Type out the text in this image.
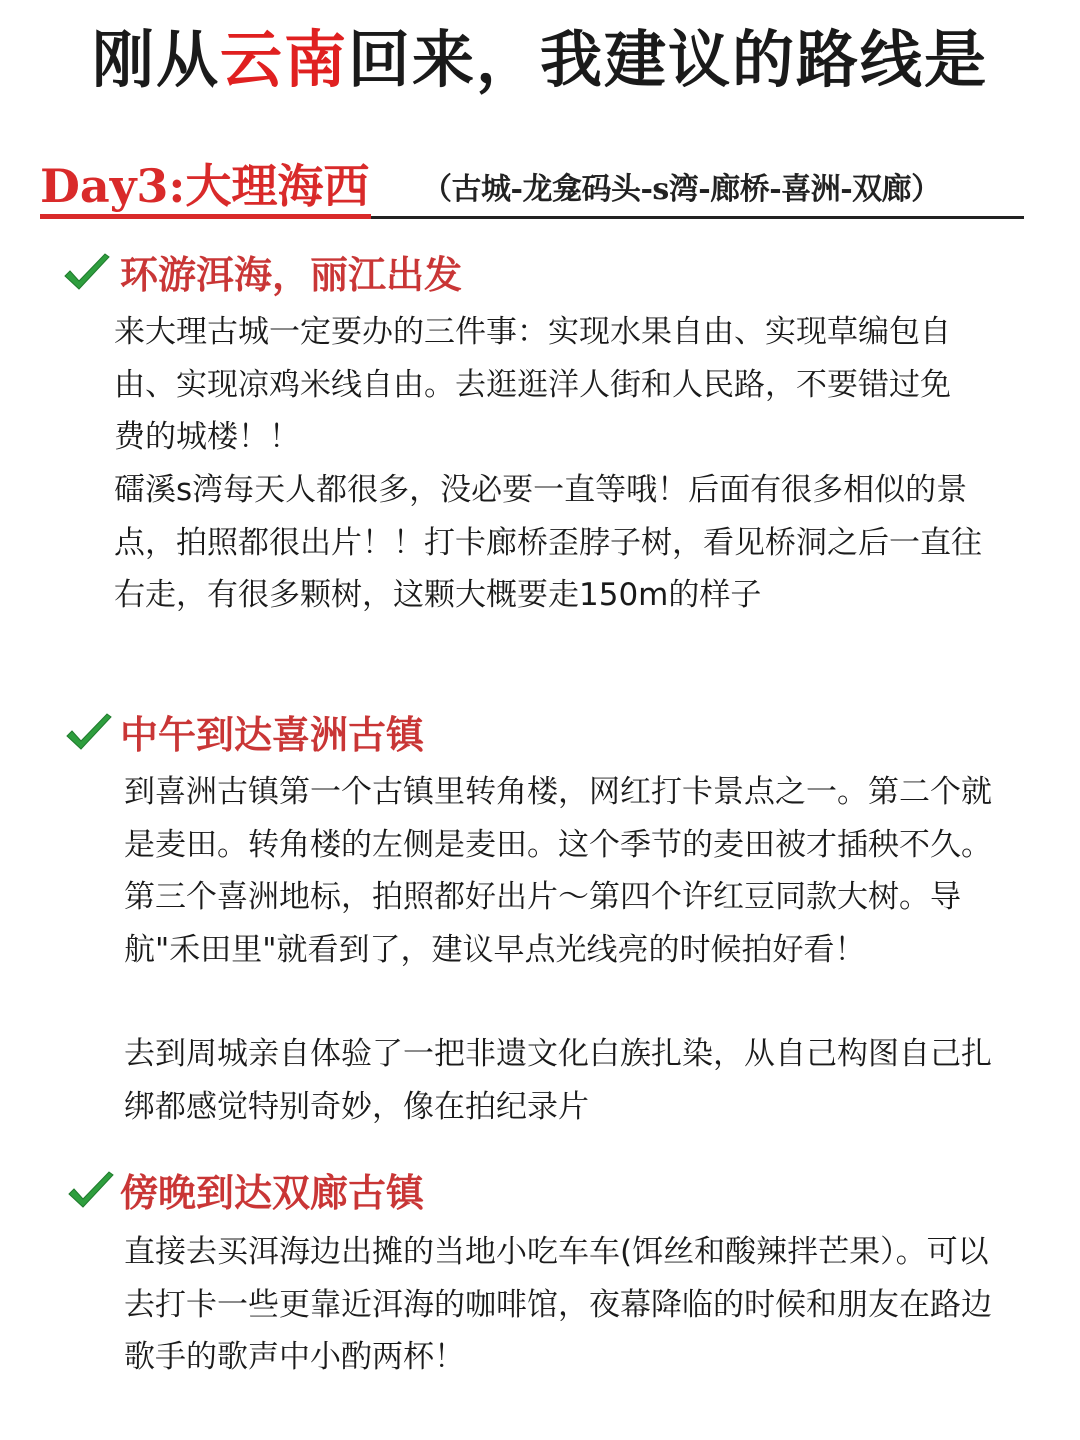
刚从云南回来，我建议的路线是
Day3:大理海西 （古城-龙龛码头-s湾-廊桥-喜洲-双廊）
环游洱海，丽江出发

来大理古城一定要办的三件事：实现水果自由、实现草编包自由、实现凉鸡米线自由。去逛逛洋人街和人民路，不要错过免费的城楼！！

礌溪s湾每天人都很多，没必要一直等哦！后面有很多相似的景点，拍照都很出片！！打卡廊桥歪脖子树，看见桥洞之后一直往右走，有很多颗树，这颗大概要走150m的样子

中午到达喜洲古镇

到喜洲古镇第一个古镇里转角楼，网红打卡景点之一。第二个就是麦田。转角楼的左侧是麦田。这个季节的麦田被才插秧不久。第三个喜洲地标，拍照都好出片～第四个许红豆同款大树。导航"禾田里"就看到了，建议早点光线亮的时候拍好看！

去到周城亲自体验了一把非遗文化白族扎染，从自己构图自己扎绑都感觉特别奇妙，像在拍纪录片

傍晚到达双廊古镇

直接去买洱海边出摊的当地小吃车车(饵丝和酸辣拌芒果）。可以去打卡一些更靠近洱海的咖啡馆，夜幕降临的时候和朋友在路边歌手的歌声中小酌两杯！
